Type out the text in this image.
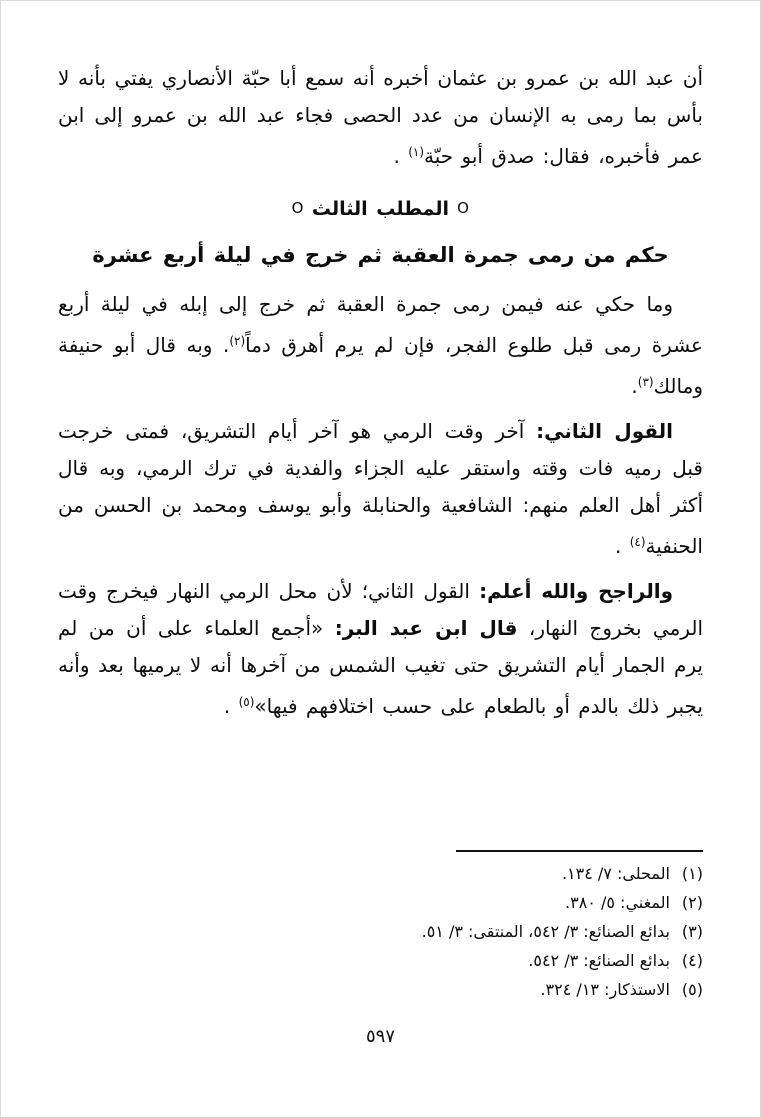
أن عبد الله بن عمرو بن عثمان أخبره أنه سمع أبا حبّة الأنصاري يفتي بأنه لا بأس بما رمى به الإنسان من عدد الحصى فجاء عبد الله بن عمرو إلى ابن عمر فأخبره، فقال: صدق أبو حبّة$^{(١)}$ .

Oالمطلب الثالثO
حكم من رمى جمرة العقبة ثم خرج في ليلة أربع عشرة

وما حكي عنه فيمن رمى جمرة العقبة ثم خرج إلى إبله في ليلة أربع عشرة رمى قبل طلوع الفجر، فإن لم يرم أهرق دماً$^{(٢)}$. وبه قال أبو حنيفة ومالك$^{(٣)}$.

القول الثاني: آخر وقت الرمي هو آخر أيام التشريق، فمتى خرجت قبل رميه فات وقته واستقر عليه الجزاء والفدية في ترك الرمي، وبه قال أكثر أهل العلم منهم: الشافعية والحنابلة وأبو يوسف ومحمد بن الحسن من الحنفية$^{(٤)}$ .

والراجح والله أعلم: القول الثاني؛ لأن محل الرمي النهار فيخرج وقت الرمي بخروج النهار، قال ابن عبد البر: «أجمع العلماء على أن من لم يرم الجمار أيام التشريق حتى تغيب الشمس من آخرها أنه لا يرميها بعد وأنه يجبر ذلك بالدم أو بالطعام على حسب اختلافهم فيها»$^{(٥)}$ .

(١)
المحلى: ٧/ ١٣٤.
(٢)
المغني: ٥/ ٣٨٠.
(٣)
بدائع الصنائع: ٣/ ٥٤٢، المنتقى: ٣/ ٥١.
(٤)
بدائع الصنائع: ٣/ ٥٤٢.
(٥)
الاستذكار: ١٣/ ٣٢٤.
٥٩٧
